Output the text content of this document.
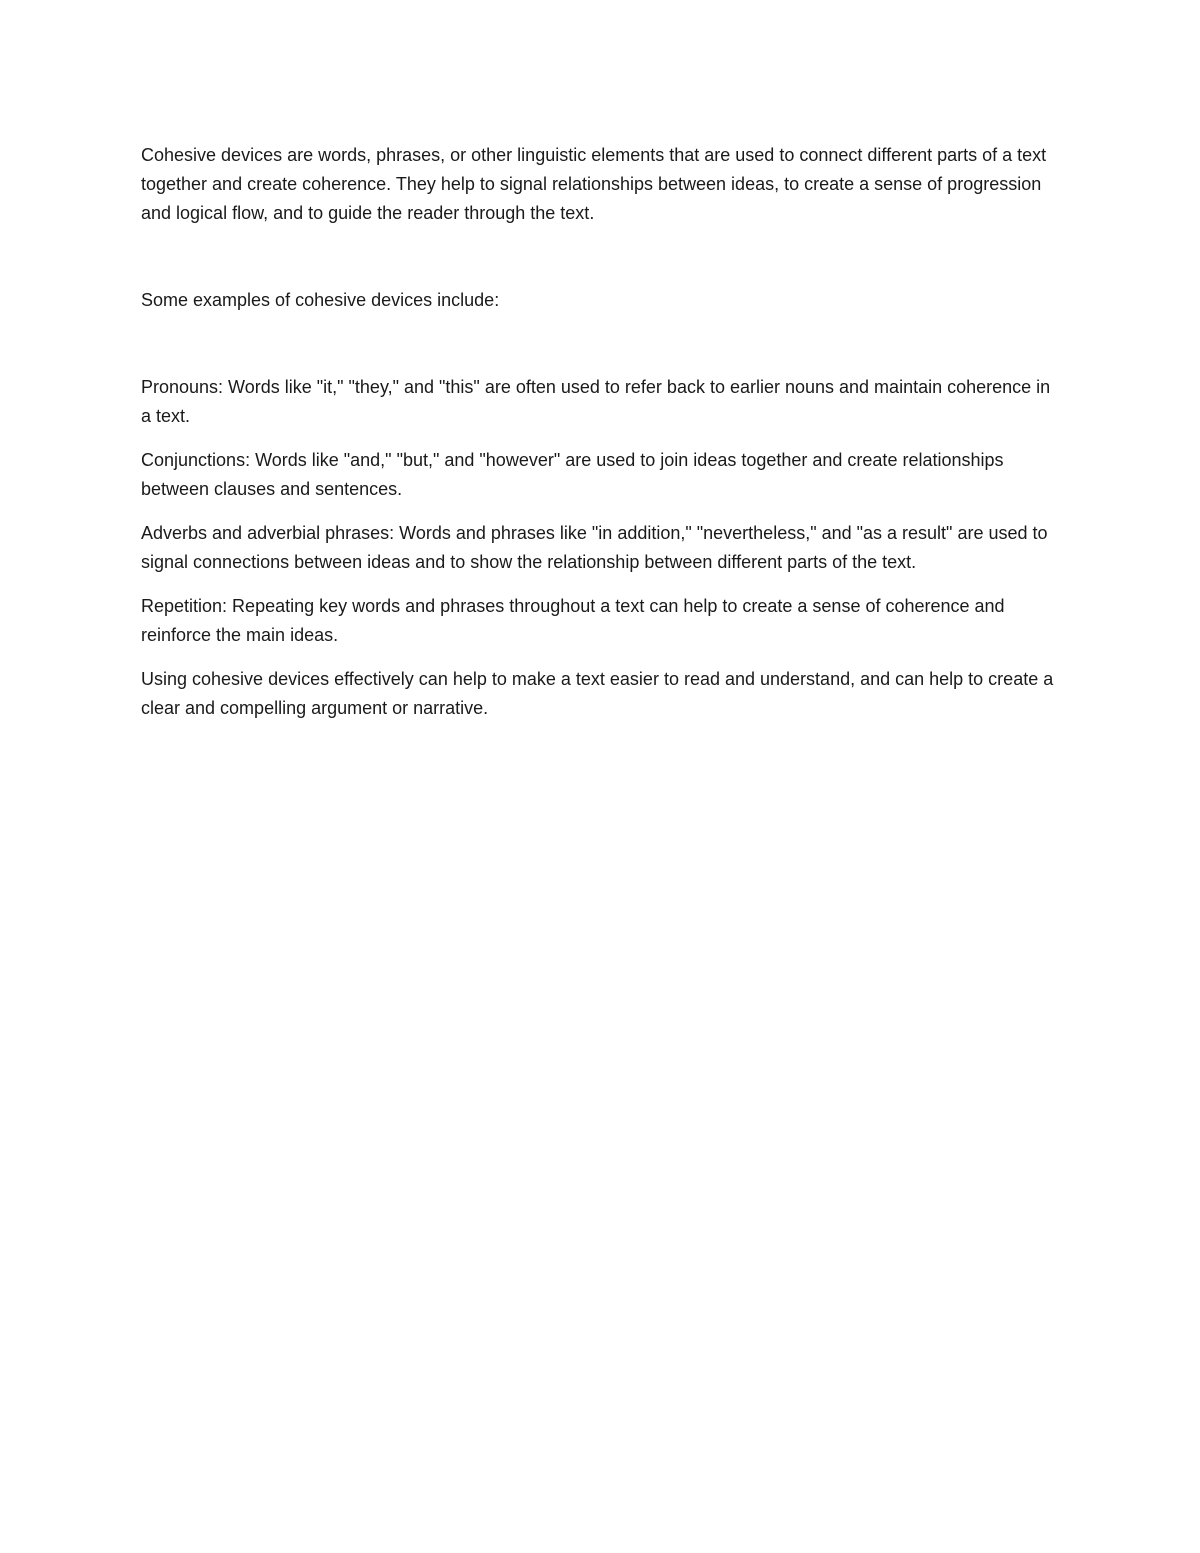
Cohesive devices are words, phrases, or other linguistic elements that are used to connect different parts of a text together and create coherence. They help to signal relationships between ideas, to create a sense of progression and logical flow, and to guide the reader through the text.

Some examples of cohesive devices include:

Pronouns: Words like "it," "they," and "this" are often used to refer back to earlier nouns and maintain coherence in a text.

Conjunctions: Words like "and," "but," and "however" are used to join ideas together and create relationships between clauses and sentences.

Adverbs and adverbial phrases: Words and phrases like "in addition," "nevertheless," and "as a result" are used to signal connections between ideas and to show the relationship between different parts of the text.

Repetition: Repeating key words and phrases throughout a text can help to create a sense of coherence and reinforce the main ideas.

Using cohesive devices effectively can help to make a text easier to read and understand, and can help to create a clear and compelling argument or narrative.
